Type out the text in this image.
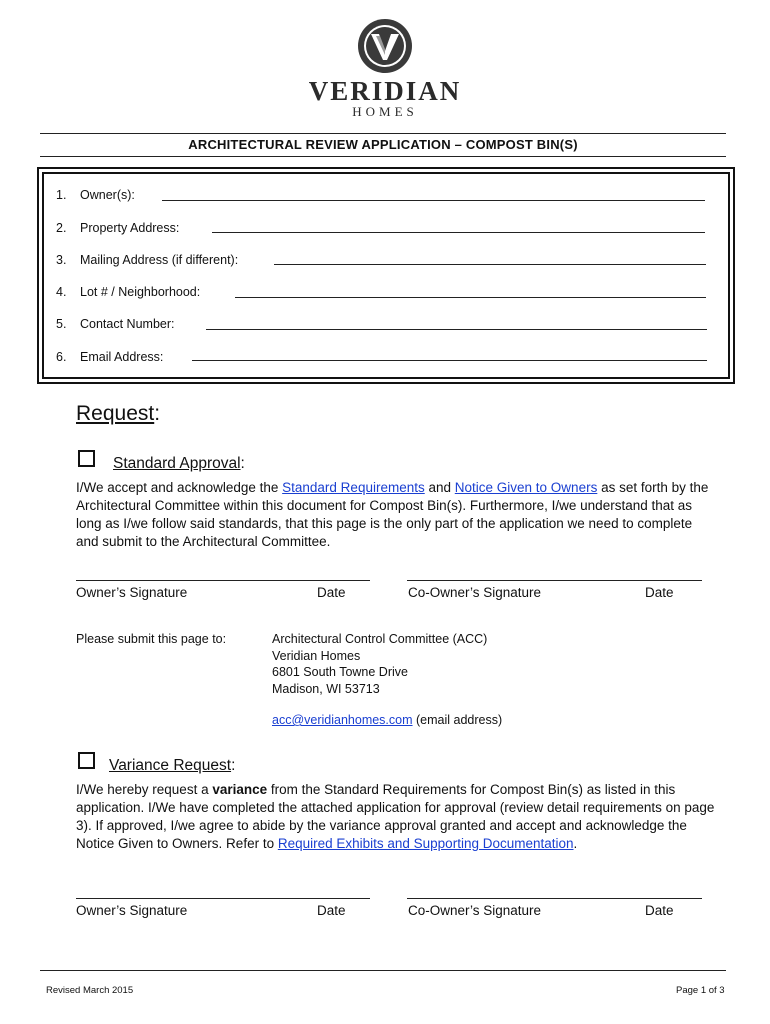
VERIDIAN
HOMES
ARCHITECTURAL REVIEW APPLICATION – COMPOST BIN(S)
1. Owner(s):
2. Property Address:
3. Mailing Address (if different):
4. Lot # / Neighborhood:
5. Contact Number:
6. Email Address:
Request:
Standard Approval:
I/We accept and acknowledge the Standard Requirements and Notice Given to Owners as set forth by the Architectural Committee within this document for Compost Bin(s). Furthermore, I/we understand that as long as I/we follow said standards, that this page is the only part of the application we need to complete and submit to the Architectural Committee.
Owner’s Signature	Date	Co-Owner’s Signature	Date
Please submit this page to:	Architectural Control Committee (ACC)
Veridian Homes
6801 South Towne Drive
Madison, WI 53713
acc@veridianhomes.com (email address)
Variance Request:
I/We hereby request a variance from the Standard Requirements for Compost Bin(s) as listed in this application. I/We have completed the attached application for approval (review detail requirements on page 3). If approved, I/we agree to abide by the variance approval granted and accept and acknowledge the Notice Given to Owners. Refer to Required Exhibits and Supporting Documentation.
Owner’s Signature	Date	Co-Owner’s Signature	Date
Revised March 2015	Page 1 of 3
